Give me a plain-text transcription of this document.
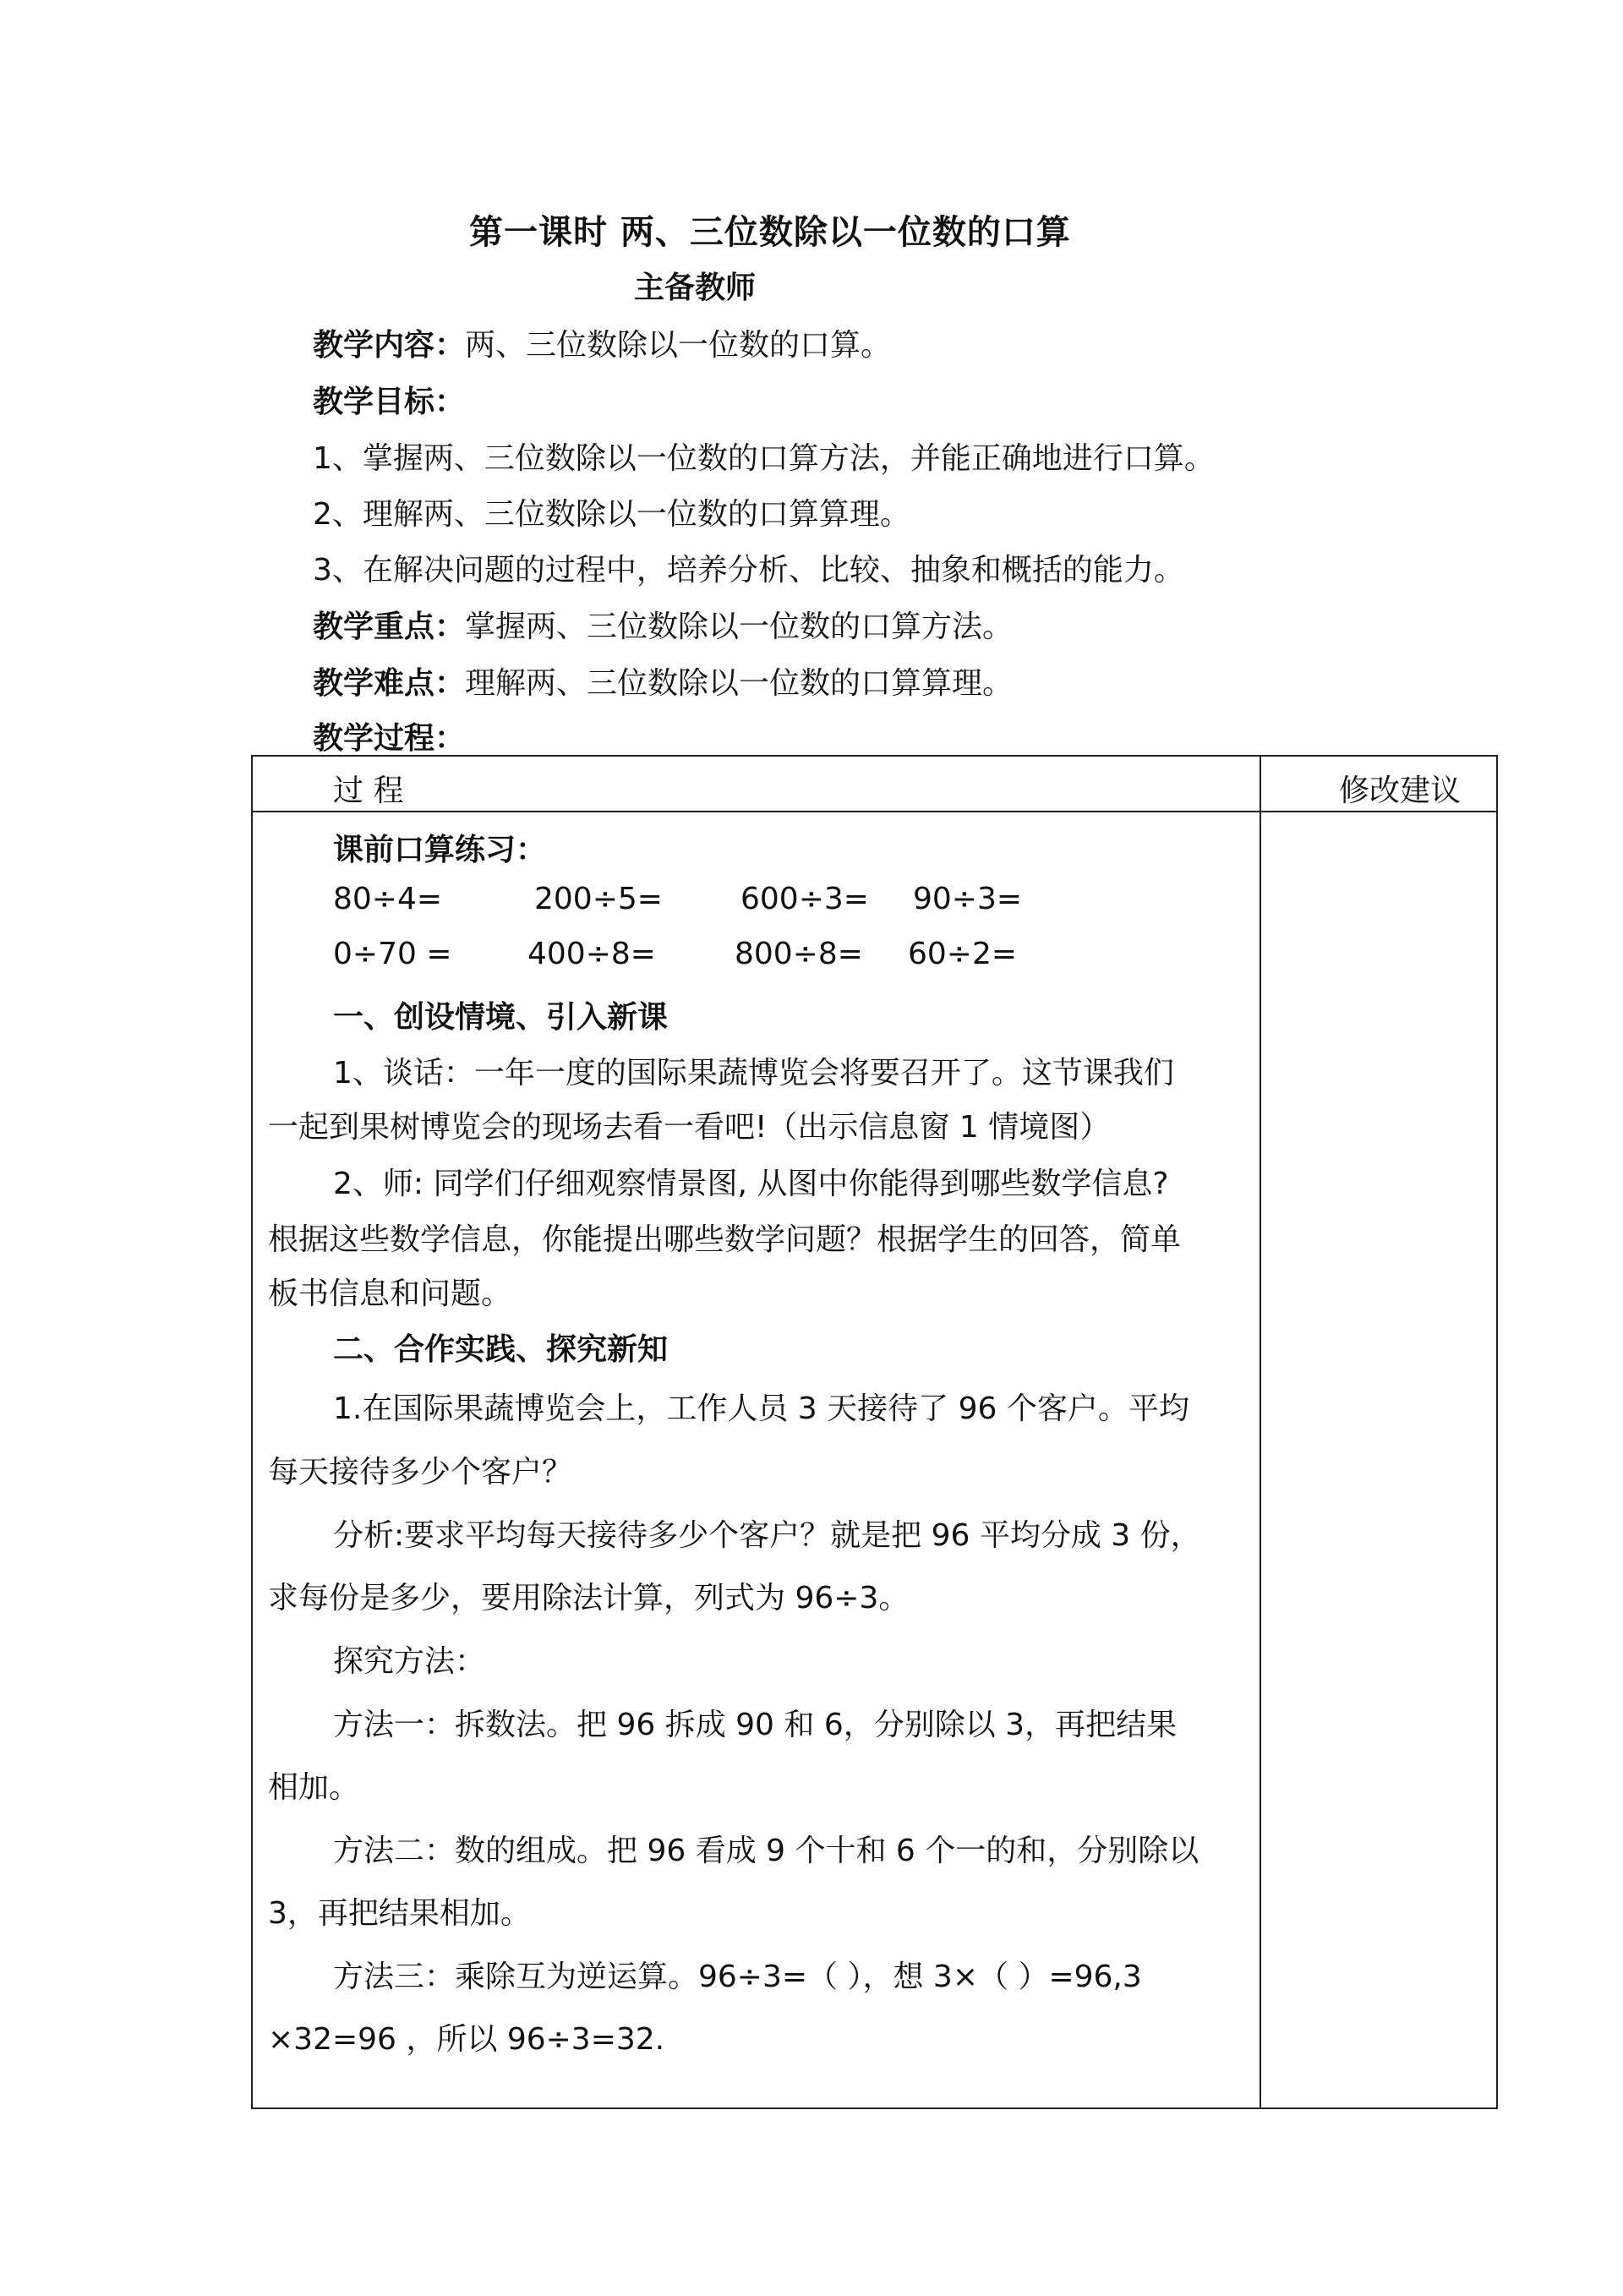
第一课时 两、三位数除以一位数的口算
主备教师
教学内容：两、三位数除以一位数的口算。
教学目标：
1、掌握两、三位数除以一位数的口算方法，并能正确地进行口算。
2、理解两、三位数除以一位数的口算算理。
3、在解决问题的过程中，培养分析、比较、抽象和概括的能力。
教学重点：掌握两、三位数除以一位数的口算方法。
教学难点：理解两、三位数除以一位数的口算算理。
教学过程：
过 程	修改建议
课前口算练习：
80÷4=	200÷5=	600÷3= 90÷3=
0÷70 = 400÷8=	800÷8= 60÷2=
一、创设情境、引入新课
1、谈话：一年一度的国际果蔬博览会将要召开了。这节课我们
一起到果树博览会的现场去看一看吧!（出示信息窗 1 情境图）
2、师: 同学们仔细观察情景图, 从图中你能得到哪些数学信息?
根据这些数学信息，你能提出哪些数学问题？根据学生的回答，简单
板书信息和问题。
二、合作实践、探究新知
1.在国际果蔬博览会上，工作人员 3 天接待了 96 个客户。平均
每天接待多少个客户？
分析:要求平均每天接待多少个客户？就是把 96 平均分成 3 份，
求每份是多少，要用除法计算，列式为 96÷3。
探究方法：
方法一：拆数法。把 96 拆成 90 和 6，分别除以 3，再把结果
相加。
方法二：数的组成。把 96 看成 9 个十和 6 个一的和，分别除以
3，再把结果相加。
方法三：乘除互为逆运算。96÷3=（ ），想 3×（ ）=96,3
×32=96 ，所以 96÷3=32.
